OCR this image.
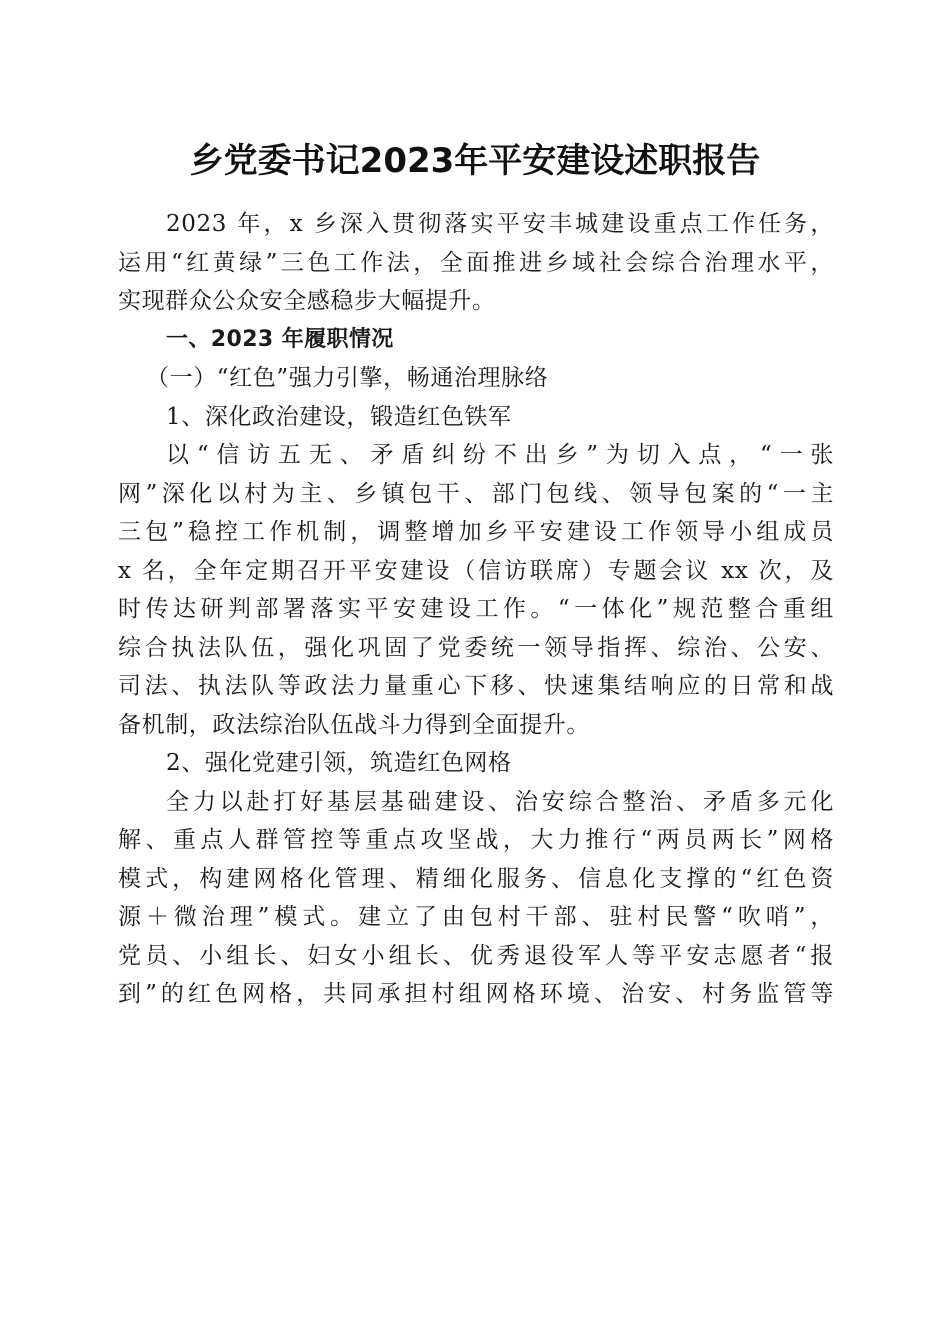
乡党委书记2023年平安建设述职报告
2023 年，x 乡深入贯彻落实平安丰城建设重点工作任务，
运用“红黄绿”三色工作法，全面推进乡域社会综合治理水平，
实现群众公众安全感稳步大幅提升。
一、2023 年履职情况
（一）“红色”强力引擎，畅通治理脉络
1、深化政治建设，锻造红色铁军
以“信访五无、矛盾纠纷不出乡”为切入点，“一张
网”深化以村为主、乡镇包干、部门包线、领导包案的“一主
三包”稳控工作机制，调整增加乡平安建设工作领导小组成员
x 名，全年定期召开平安建设（信访联席）专题会议 xx 次，及
时传达研判部署落实平安建设工作。“一体化”规范整合重组
综合执法队伍，强化巩固了党委统一领导指挥、综治、公安、
司法、执法队等政法力量重心下移、快速集结响应的日常和战
备机制，政法综治队伍战斗力得到全面提升。
2、强化党建引领，筑造红色网格
全力以赴打好基层基础建设、治安综合整治、矛盾多元化
解、重点人群管控等重点攻坚战，大力推行“两员两长”网格
模式，构建网格化管理、精细化服务、信息化支撑的“红色资
源＋微治理”模式。建立了由包村干部、驻村民警“吹哨”，
党员、小组长、妇女小组长、优秀退役军人等平安志愿者“报
到”的红色网格，共同承担村组网格环境、治安、村务监管等
